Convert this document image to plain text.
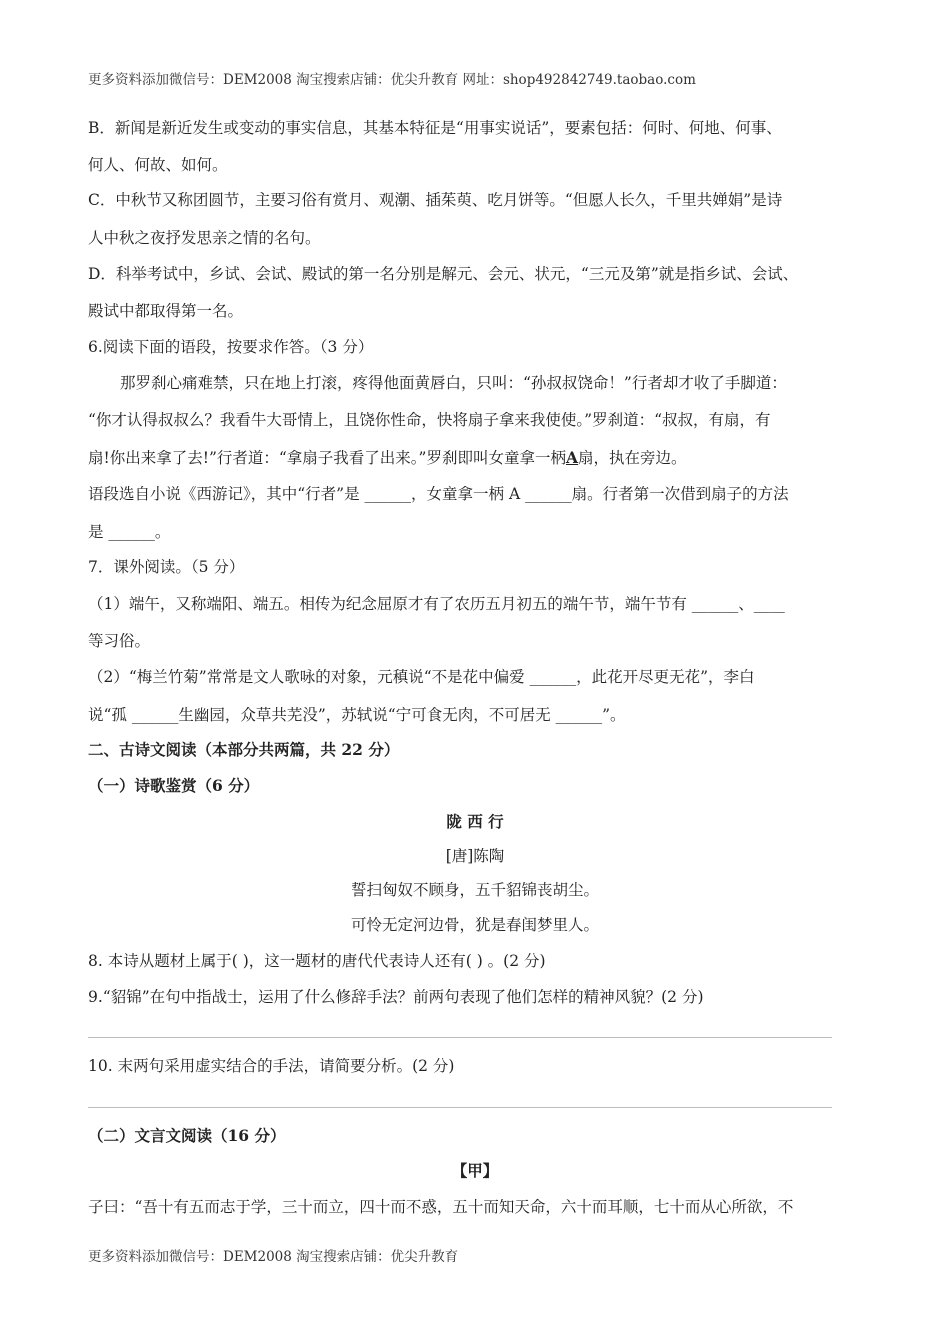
更多资料添加微信号：DEM2008 淘宝搜索店铺：优尖升教育 网址：shop492842749.taobao.com
B．新闻是新近发生或变动的事实信息，其基本特征是“用事实说话”，要素包括：何时、何地、何事、
何人、何故、如何。
C．中秋节又称团圆节，主要习俗有赏月、观潮、插茱萸、吃月饼等。“但愿人长久，千里共婵娟”是诗
人中秋之夜抒发思亲之情的名句。
D．科举考试中，乡试、会试、殿试的第一名分别是解元、会元、状元，“三元及第”就是指乡试、会试、
殿试中都取得第一名。
6.阅读下面的语段，按要求作答。（3 分）
那罗刹心痛难禁，只在地上打滚，疼得他面黄唇白，只叫：“孙叔叔饶命！”行者却才收了手脚道：
“你才认得叔叔么？我看牛大哥情上，且饶你性命，快将扇子拿来我使使。”罗刹道：“叔叔，有扇，有
扇!你出来拿了去!”行者道：“拿扇子我看了出来。”罗刹即叫女童拿一柄A扇，执在旁边。
语段选自小说《西游记》，其中“行者”是 ______，女童拿一柄 A ______扇。行者第一次借到扇子的方法
是 ______。
7．课外阅读。（5 分）
（1）端午，又称端阳、端五。相传为纪念屈原才有了农历五月初五的端午节，端午节有 ______、____
等习俗。
（2）“梅兰竹菊”常常是文人歌咏的对象，元稹说“不是花中偏爱 ______，此花开尽更无花”，李白
说“孤 ______生幽园，众草共芜没”，苏轼说“宁可食无肉，不可居无 ______”。
二、古诗文阅读（本部分共两篇，共 22 分）
（一）诗歌鉴赏（6 分）
陇 西 行
[唐]陈陶
誓扫匈奴不顾身，五千貂锦丧胡尘。
可怜无定河边骨，犹是春闺梦里人。
8. 本诗从题材上属于( )，这一题材的唐代代表诗人还有( ) 。(2 分)
9.“貂锦”在句中指战士，运用了什么修辞手法？前两句表现了他们怎样的精神风貌？(2 分)
10. 末两句采用虚实结合的手法，请简要分析。(2 分)
（二）文言文阅读（16 分）
【甲】
子曰：“吾十有五而志于学，三十而立，四十而不惑，五十而知天命，六十而耳顺，七十而从心所欲，不
更多资料添加微信号：DEM2008 淘宝搜索店铺：优尖升教育
